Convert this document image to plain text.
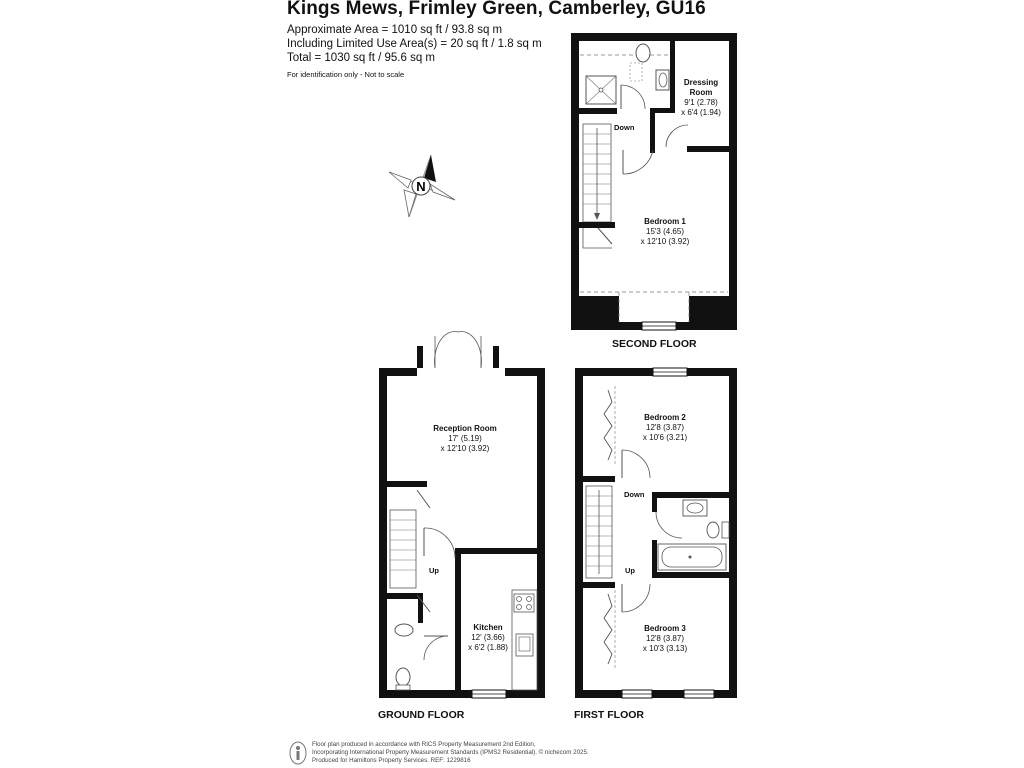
Kings Mews, Frimley Green, Camberley, GU16
Approximate Area = 1010 sq ft / 93.8 sq m
Including Limited Use Area(s) = 20 sq ft / 1.8 sq m
Total = 1030 sq ft / 95.6 sq m
For identification only - Not to scale
N
Dressing
Room
9'1 (2.78)
x 6'4 (1.94)
Bedroom 1
15'3 (4.65)
x 12'10 (3.92)
Reception Room
17' (5.19)
x 12'10 (3.92)
Kitchen
12' (3.66)
x 6'2 (1.88)
Bedroom 2
12'8 (3.87)
x 10'6 (3.21)
Bedroom 3
12'8 (3.87)
x 10'3 (3.13)
Down
Up
Down
Up
SECOND FLOOR
GROUND FLOOR	FIRST FLOOR
Floor plan produced in accordance with RICS Property Measurement 2nd Edition,
Incorporating International Property Measurement Standards (IPMS2 Residential). © nichecom 2025.
Produced for Hamiltons Property Services. REF: 1229816
